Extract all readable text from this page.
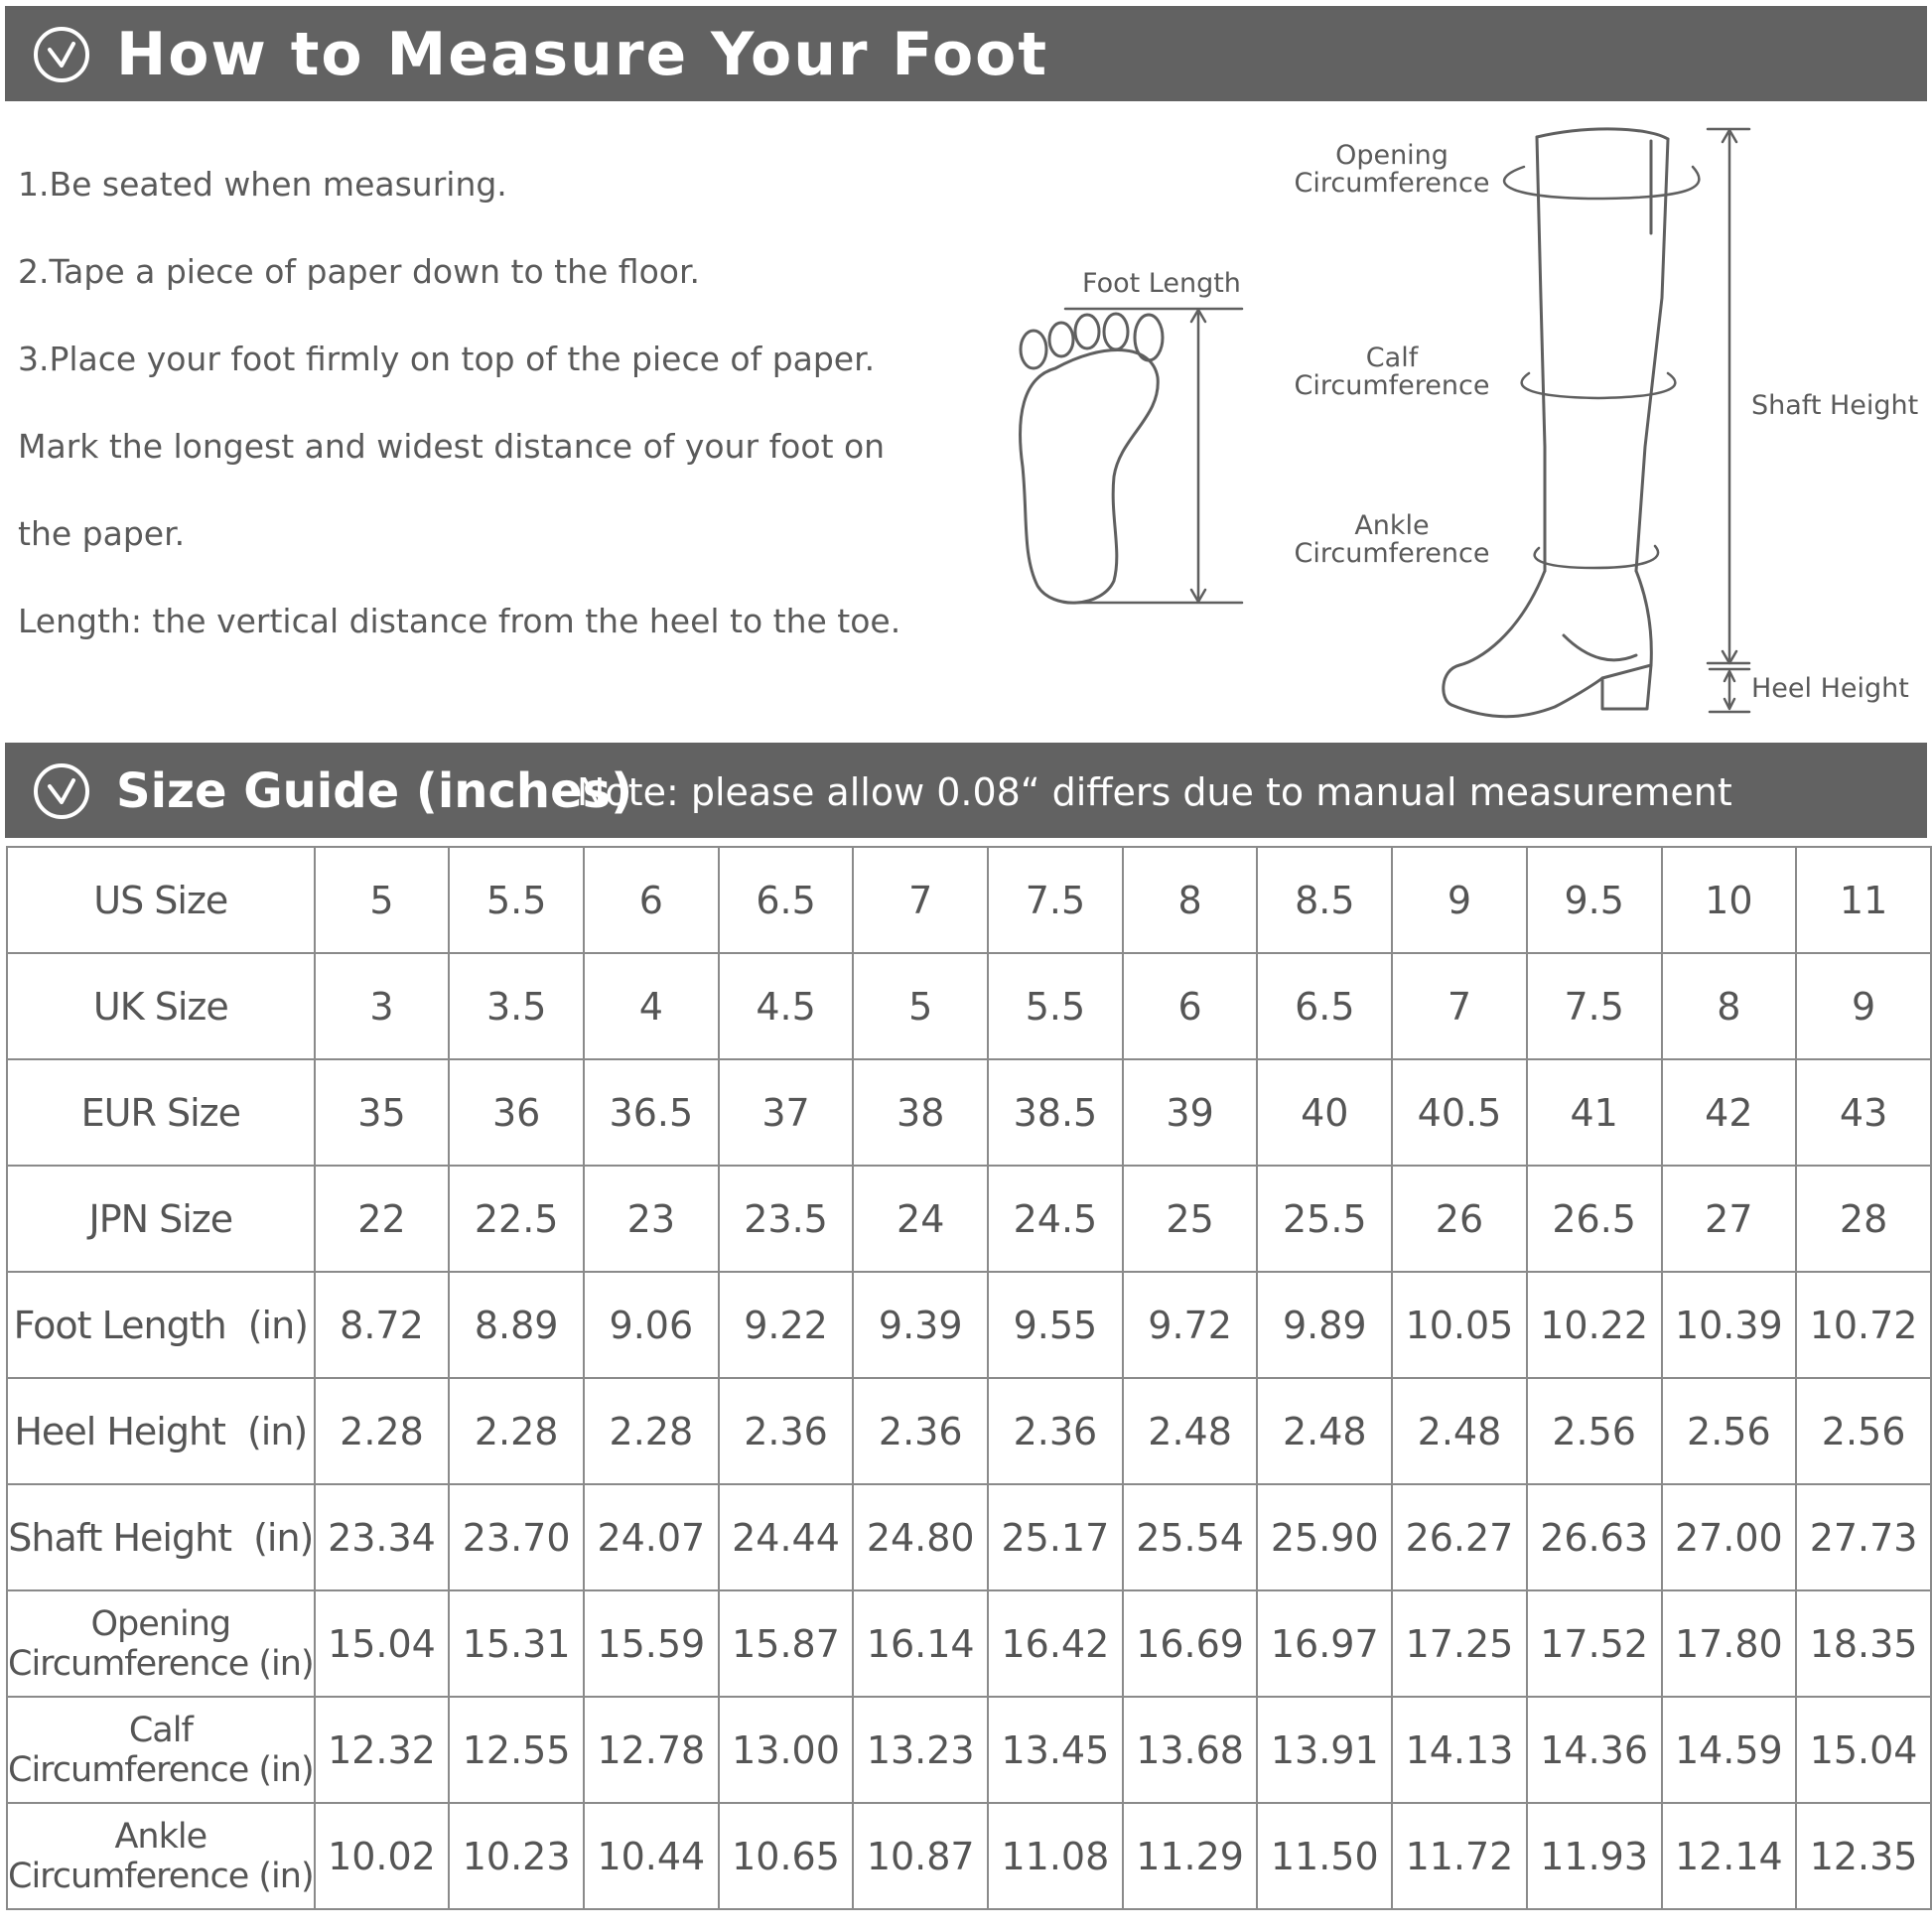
How to Measure Your Foot
1.Be seated when measuring.
2.Tape a piece of paper down to the floor.
3.Place your foot firmly on top of the piece of paper.
Mark the longest and widest distance of your foot on
the paper.
Length: the vertical distance from the heel to the toe.
Foot Length
Opening
Circumference
Calf
Circumference
Ankle
Circumference
Shaft Height
Heel Height
Size Guide (inches)
Note: please allow 0.08“ differs due to manual measurement
US Size	5	5.5	6	6.5	7	7.5	8	8.5	9	9.5	10	11
UK Size	3	3.5	4	4.5	5	5.5	6	6.5	7	7.5	8	9
EUR Size	35	36	36.5	37	38	38.5	39	40	40.5	41	42	43
JPN Size	22	22.5	23	23.5	24	24.5	25	25.5	26	26.5	27	28
Foot Length (in)	8.72	8.89	9.06	9.22	9.39	9.55	9.72	9.89	10.05	10.22	10.39	10.72
Heel Height (in)	2.28	2.28	2.28	2.36	2.36	2.36	2.48	2.48	2.48	2.56	2.56	2.56
Shaft Height (in)	23.34	23.70	24.07	24.44	24.80	25.17	25.54	25.90	26.27	26.63	27.00	27.73

Opening
Circumference (in)	15.04	15.31	15.59	15.87	16.14	16.42	16.69	16.97	17.25	17.52	17.80	18.35

Calf
Circumference (in)	12.32	12.55	12.78	13.00	13.23	13.45	13.68	13.91	14.13	14.36	14.59	15.04

Ankle
Circumference (in)	10.02	10.23	10.44	10.65	10.87	11.08	11.29	11.50	11.72	11.93	12.14	12.35
